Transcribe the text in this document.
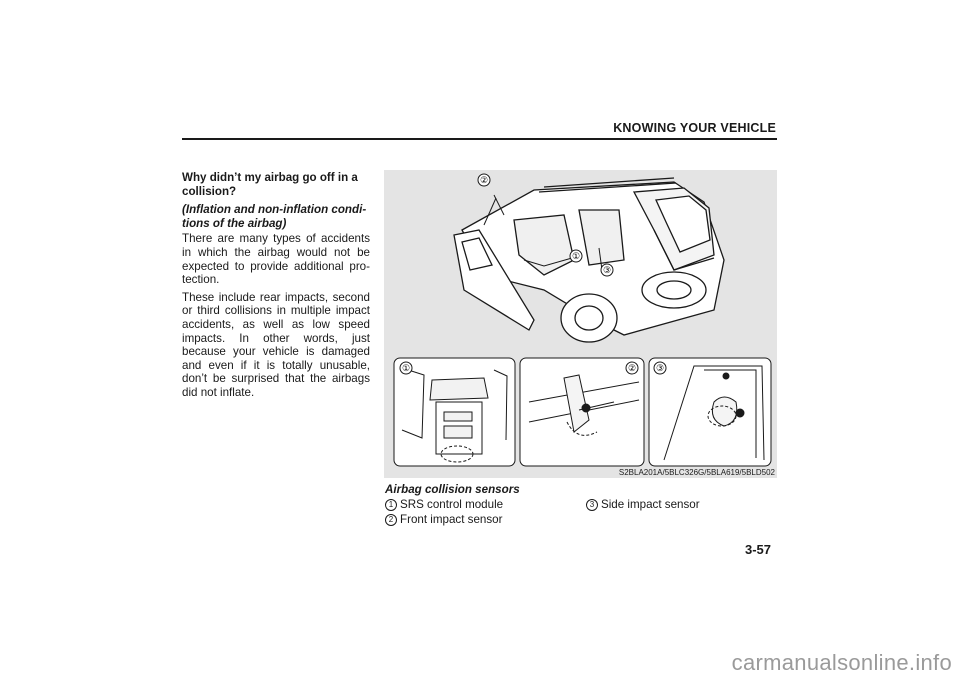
KNOWING YOUR VEHICLE

Why didn’t my airbag go off in a collision?

(Inflation and non-inflation condi-tions of the airbag)

There are many types of accidents in which the airbag would not be expected to provide additional pro-tection.

These include rear impacts, second or third collisions in multiple impact accidents, as well as low speed impacts. In other words, just because your vehicle is damaged and even if it is totally unusable, don’t be surprised that the airbags did not inflate.

②
①
③
①	② ③
S2BLA201A/5BLC326G/5BLA619/5BLD502
Airbag collision sensors
1 SRS control module
2 Front impact sensor
3 Side impact sensor
3-57
carmanualsonline.info
